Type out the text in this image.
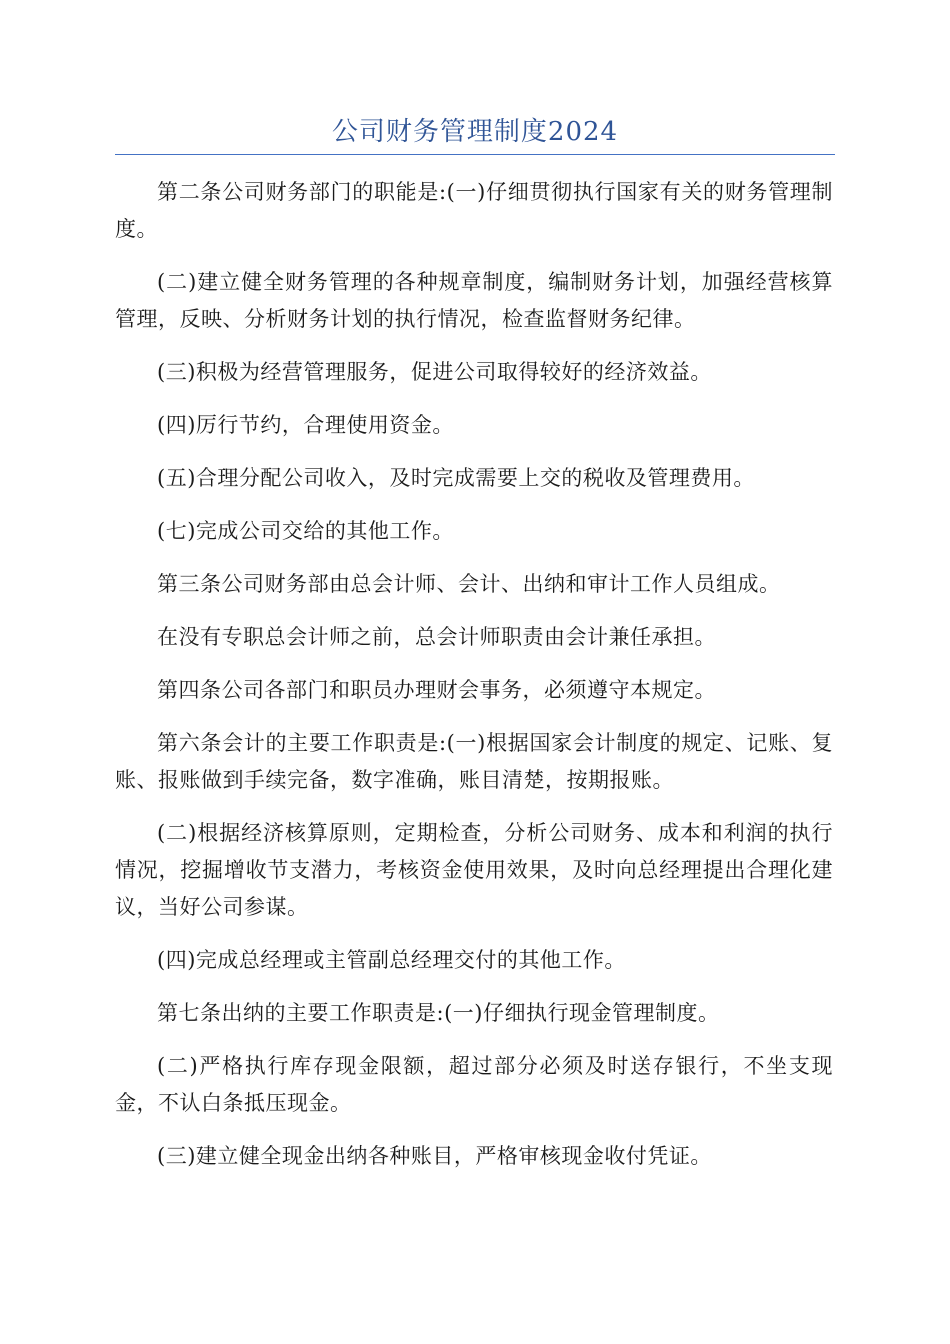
公司财务管理制度2024

第二条公司财务部门的职能是:(一)仔细贯彻执行国家有关的财务管理制度。

(二)建立健全财务管理的各种规章制度，编制财务计划，加强经营核算管理，反映、分析财务计划的执行情况，检查监督财务纪律。

(三)积极为经营管理服务，促进公司取得较好的经济效益。

(四)厉行节约，合理使用资金。

(五)合理分配公司收入，及时完成需要上交的税收及管理费用。

(七)完成公司交给的其他工作。

第三条公司财务部由总会计师、会计、出纳和审计工作人员组成。

在没有专职总会计师之前，总会计师职责由会计兼任承担。

第四条公司各部门和职员办理财会事务，必须遵守本规定。

第六条会计的主要工作职责是:(一)根据国家会计制度的规定、记账、复账、报账做到手续完备，数字准确，账目清楚，按期报账。

(二)根据经济核算原则，定期检查，分析公司财务、成本和利润的执行情况，挖掘增收节支潜力，考核资金使用效果，及时向总经理提出合理化建议，当好公司参谋。

(四)完成总经理或主管副总经理交付的其他工作。

第七条出纳的主要工作职责是:(一)仔细执行现金管理制度。

(二)严格执行库存现金限额，超过部分必须及时送存银行，不坐支现金，不认白条抵压现金。

(三)建立健全现金出纳各种账目，严格审核现金收付凭证。
